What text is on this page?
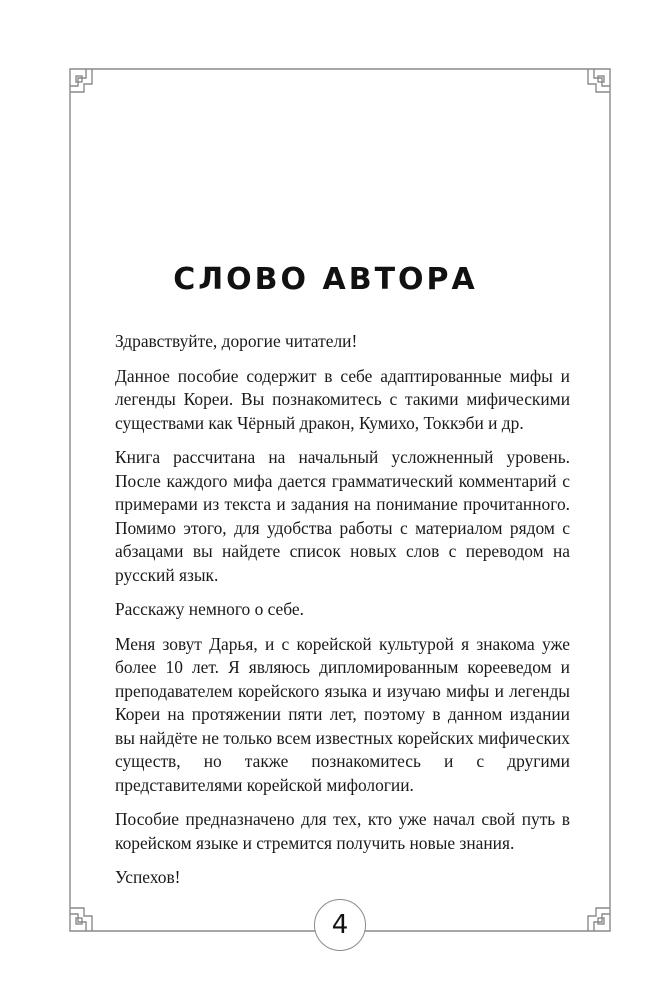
СЛОВО АВТОРА

Здравствуйте, дорогие читатели!

Данное пособие содержит в себе адаптированные мифы и легенды Кореи. Вы познакомитесь с такими мифическими существами как Чёрный дракон, Кумихо, Токкэби и др.

Книга рассчитана на начальный усложненный уровень. После каждого мифа дается грамматический комментарий с примерами из текста и задания на понимание прочитанного. Помимо этого, для удобства работы с материалом рядом с абзацами вы найдете список новых слов с переводом на русский язык.

Расскажу немного о себе.

Меня зовут Дарья, и с корейской культурой я знакома уже более 10 лет. Я являюсь дипломированным корееведом и преподавателем корейского языка и изучаю мифы и легенды Кореи на протяжении пяти лет, поэтому в данном издании вы найдёте не только всем известных корейских мифических существ, но также познакомитесь и с другими представителями корейской мифологии.

Пособие предназначено для тех, кто уже начал свой путь в корейском языке и стремится получить новые знания.

Успехов!

4
